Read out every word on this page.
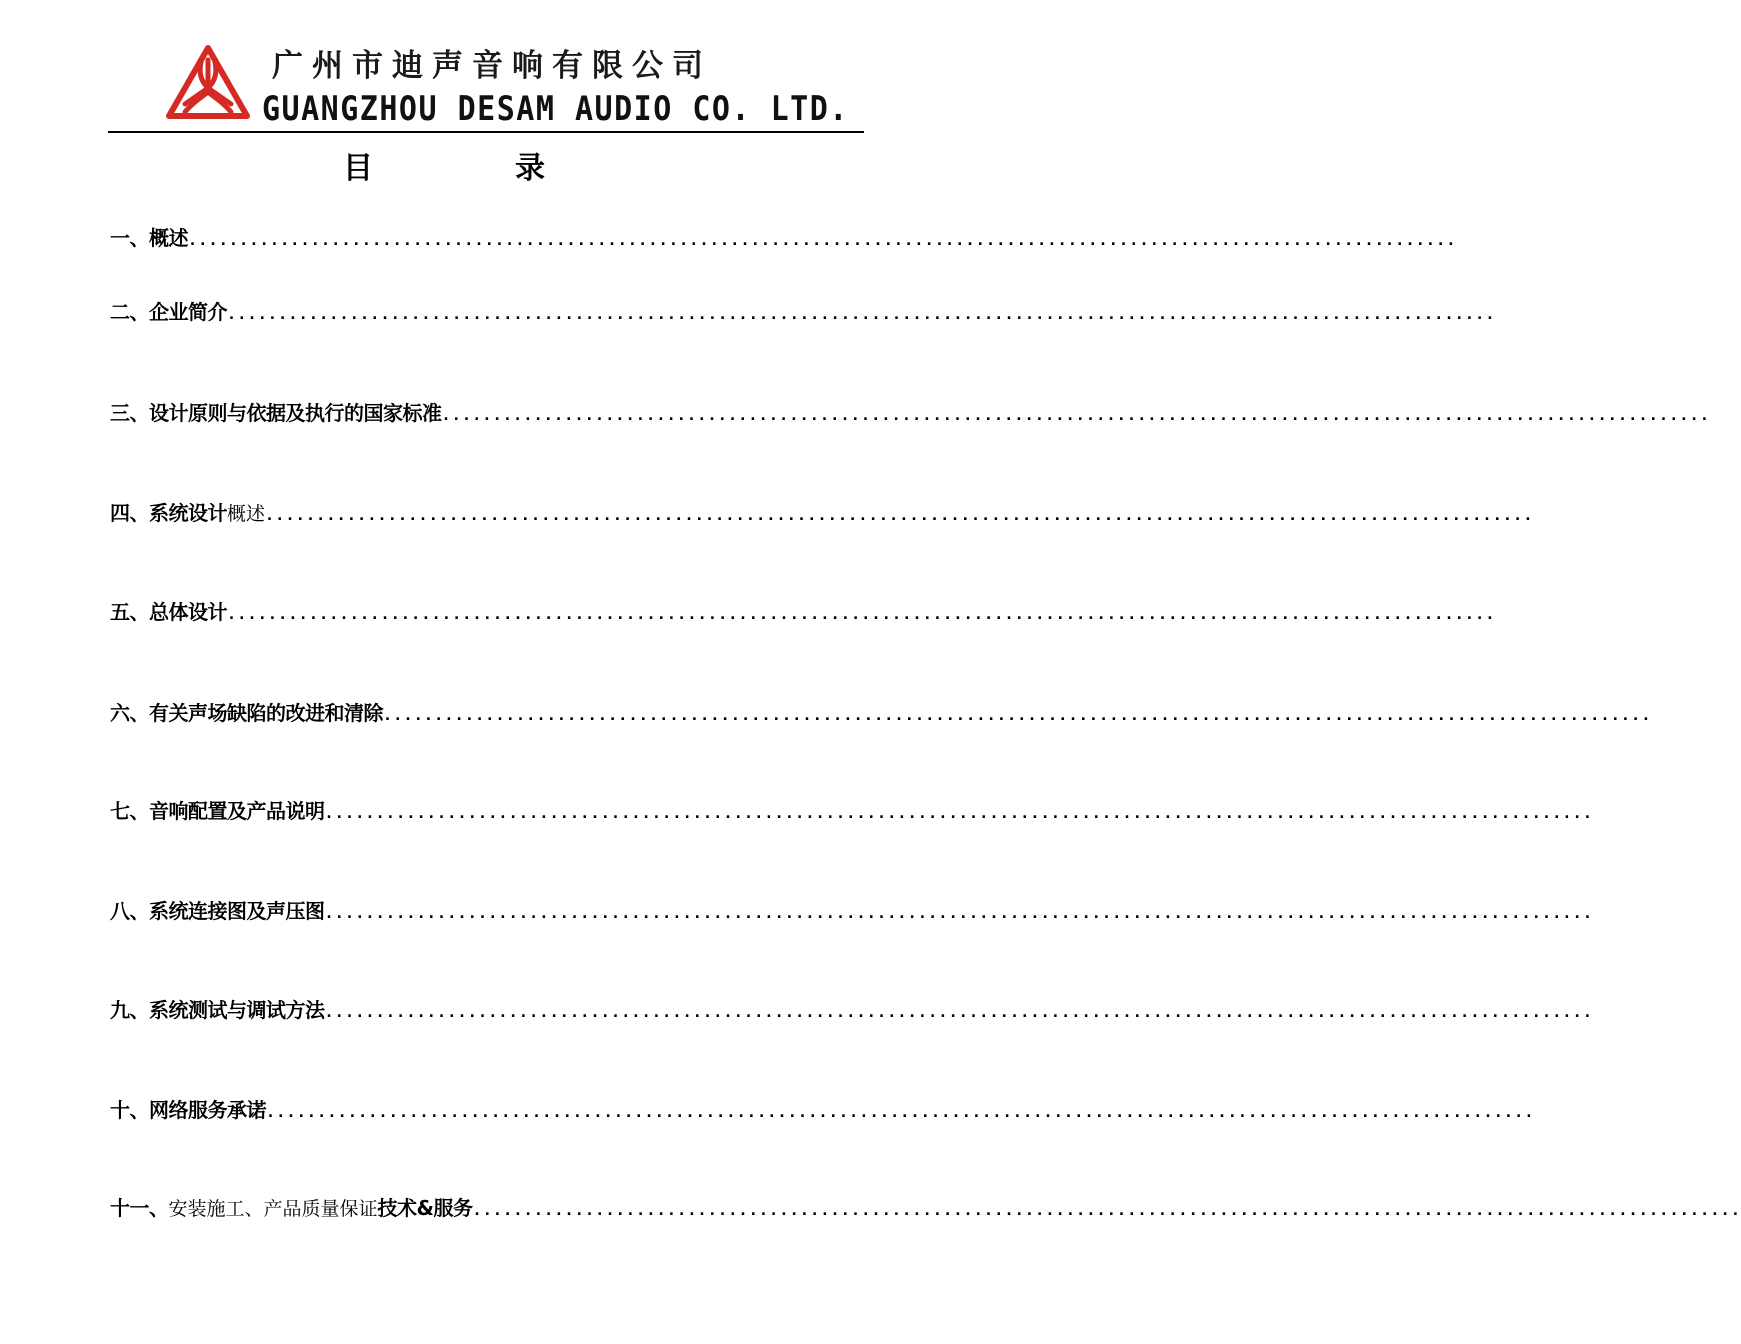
广州市迪声音响有限公司
GUANGZHOU DESAM AUDIO CO. LTD.
目	录
一、 概述 ............................................................................................................................
二、 企业简介 ............................................................................................................................
三、 设计原则与依据及执行的国家标准 ............................................................................................................................
四、 系统设计 概述 ............................................................................................................................
五、 总体设计 ............................................................................................................................
六、 有关声场缺陷的改进和清除 ............................................................................................................................
七、 音响配置及产品说明 ............................................................................................................................
八、 系统连接图及声压图 ............................................................................................................................
九、 系统测试与调试方法 ............................................................................................................................
十、 网络服务承诺 ............................................................................................................................
十一、 安装施工、产品质量保证 技术&服务 ............................................................................................................................
